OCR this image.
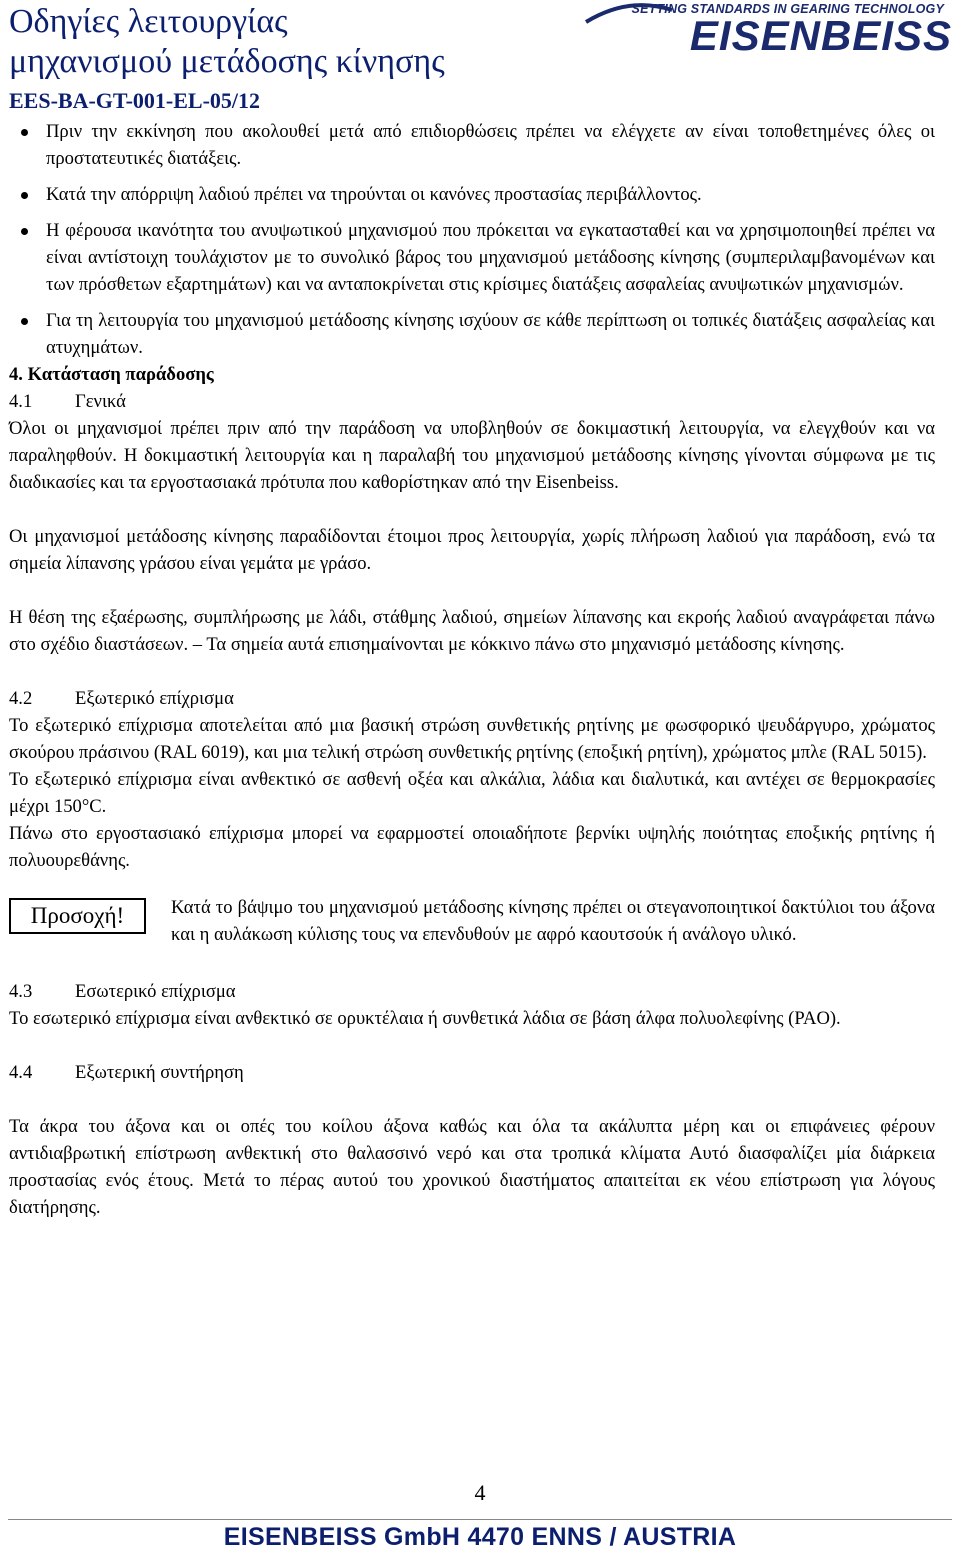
Οδηγίες λειτουργίας
μηχανισμού μετάδοσης κίνησης
EES-BA-GT-001-EL-05/12
SETTING STANDARDS IN GEARING TECHNOLOGY
EISENBEISS
Πριν την εκκίνηση που ακολουθεί μετά από επιδιορθώσεις πρέπει να ελέγχετε αν είναι τοποθετημένες όλες οι προστατευτικές διατάξεις.
Κατά την απόρριψη λαδιού πρέπει να τηρούνται οι κανόνες προστασίας περιβάλλοντος.
Η φέρουσα ικανότητα του ανυψωτικού μηχανισμού που πρόκειται να εγκατασταθεί και να χρησιμοποιηθεί πρέπει να είναι αντίστοιχη τουλάχιστον με το συνολικό βάρος του μηχανισμού μετάδοσης κίνησης (συμπεριλαμβανομένων και των πρόσθετων εξαρτημάτων) και να ανταποκρίνεται στις κρίσιμες διατάξεις ασφαλείας ανυψωτικών μηχανισμών.
Για τη λειτουργία του μηχανισμού μετάδοσης κίνησης ισχύουν σε κάθε περίπτωση οι τοπικές διατάξεις ασφαλείας και ατυχημάτων.
4. Κατάσταση παράδοσης
4.1 Γενικά

Όλοι οι μηχανισμοί πρέπει πριν από την παράδοση να υποβληθούν σε δοκιμαστική λειτουργία, να ελεγχθούν και να παραληφθούν. Η δοκιμαστική λειτουργία και η παραλαβή του μηχανισμού μετάδοσης κίνησης γίνονται σύμφωνα με τις διαδικασίες και τα εργοστασιακά πρότυπα που καθορίστηκαν από την Eisenbeiss.

Οι μηχανισμοί μετάδοσης κίνησης παραδίδονται έτοιμοι προς λειτουργία, χωρίς πλήρωση λαδιού για παράδοση, ενώ τα σημεία λίπανσης γράσου είναι γεμάτα με γράσο.

Η θέση της εξαέρωσης, συμπλήρωσης με λάδι, στάθμης λαδιού, σημείων λίπανσης και εκροής λαδιού αναγράφεται πάνω στο σχέδιο διαστάσεων. – Τα σημεία αυτά επισημαίνονται με κόκκινο πάνω στο μηχανισμό μετάδοσης κίνησης.

4.2 Εξωτερικό επίχρισμα

Το εξωτερικό επίχρισμα αποτελείται από μια βασική στρώση συνθετικής ρητίνης με φωσφορικό ψευδάργυρο, χρώματος σκούρου πράσινου (RAL 6019), και μια τελική στρώση συνθετικής ρητίνης (εποξική ρητίνη), χρώματος μπλε (RAL 5015).

Το εξωτερικό επίχρισμα είναι ανθεκτικό σε ασθενή οξέα και αλκάλια, λάδια και διαλυτικά, και αντέχει σε θερμοκρασίες μέχρι 150°C.

Πάνω στο εργοστασιακό επίχρισμα μπορεί να εφαρμοστεί οποιαδήποτε βερνίκι υψηλής ποιότητας εποξικής ρητίνης ή πολυουρεθάνης.

Προσοχή!	Κατά το βάψιμο του μηχανισμού μετάδοσης κίνησης πρέπει οι στεγανοποιητικοί δακτύλιοι του άξονα και η αυλάκωση κύλισης τους να επενδυθούν με αφρό καουτσούκ ή ανάλογο υλικό.
4.3 Εσωτερικό επίχρισμα

Το εσωτερικό επίχρισμα είναι ανθεκτικό σε ορυκτέλαια ή συνθετικά λάδια σε βάση άλφα πολυολεφίνης (PAO).

4.4 Εξωτερική συντήρηση

Τα άκρα του άξονα και οι οπές του κοίλου άξονα καθώς και όλα τα ακάλυπτα μέρη και οι επιφάνειες φέρουν αντιδιαβρωτική επίστρωση ανθεκτική στο θαλασσινό νερό και στα τροπικά κλίματα Αυτό διασφαλίζει μία διάρκεια προστασίας ενός έτους. Μετά το πέρας αυτού του χρονικού διαστήματος απαιτείται εκ νέου επίστρωση για λόγους διατήρησης.

4
EISENBEISS GmbH 4470 ENNS / AUSTRIA
